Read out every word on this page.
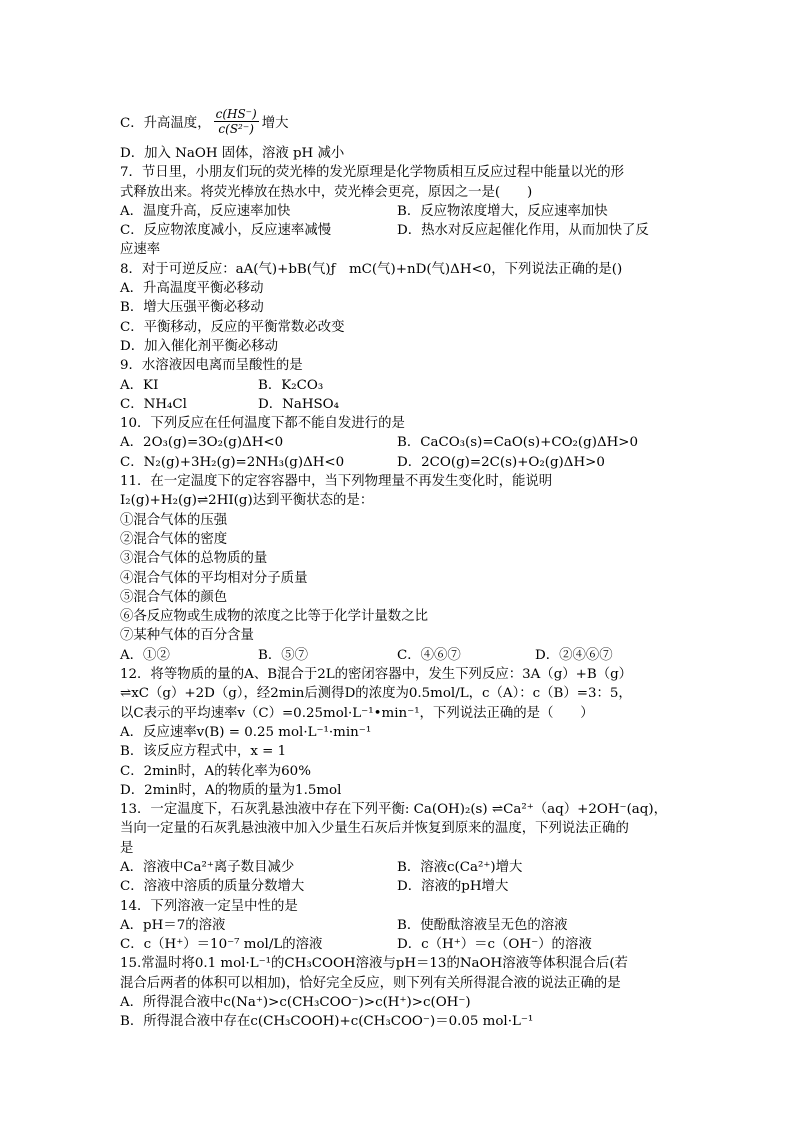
C．升高温度， $\frac{c(HS^-)}{\text{c(S²⁻)}}$ 增大
D．加入 NaOH 固体，溶液 pH 减小
7．节日里，小朋友们玩的荧光棒的发光原理是化学物质相互反应过程中能量以光的形
式释放出来。将荧光棒放在热水中，荧光棒会更亮，原因之一是(　　)
A．温度升高，反应速率加快	B．反应物浓度增大，反应速率加快
C．反应物浓度减小，反应速率减慢	D．热水对反应起催化作用，从而加快了反
应速率
8．对于可逆反应：aA(气)+bB(气)ƒ　mC(气)+nD(气)ΔH<0，下列说法正确的是()
A．升高温度平衡必移动
B．增大压强平衡必移动
C．平衡移动，反应的平衡常数必改变
D．加入催化剂平衡必移动
9．水溶液因电离而呈酸性的是
A．KI	B．K₂CO₃
C．NH₄Cl	D．NaHSO₄
10．下列反应在任何温度下都不能自发进行的是
A．2O₃(g)=3O₂(g)ΔH<0	B．CaCO₃(s)=CaO(s)+CO₂(g)ΔH>0
C．N₂(g)+3H₂(g)=2NH₃(g)ΔH<0	D．2CO(g)=2C(s)+O₂(g)ΔH>0
11．在一定温度下的定容容器中，当下列物理量不再发生变化时，能说明
I₂(g)+H₂(g)⇌2HI(g)达到平衡状态的是：
①混合气体的压强
②混合气体的密度
③混合气体的总物质的量
④混合气体的平均相对分子质量
⑤混合气体的颜色
⑥各反应物或生成物的浓度之比等于化学计量数之比
⑦某种气体的百分含量
A．①②	B．⑤⑦	C．④⑥⑦	D．②④⑥⑦
12．将等物质的量的A、B混合于2L的密闭容器中，发生下列反应：3A（g）+B（g）
⇌xC（g）+2D（g），经2min后测得D的浓度为0.5mol/L，c（A）：c（B）=3：5，
以C表示的平均速率v（C）=0.25mol·L⁻¹•min⁻¹，下列说法正确的是（　　）
A．反应速率v(B) = 0.25 mol·L⁻¹·min⁻¹
B．该反应方程式中，x = 1
C．2min时，A的转化率为60%
D．2min时，A的物质的量为1.5mol
13．一定温度下，石灰乳悬浊液中存在下列平衡: Ca(OH)₂(s) ⇌Ca²⁺（aq）+2OH⁻(aq)，
当向一定量的石灰乳悬浊液中加入少量生石灰后并恢复到原来的温度，下列说法正确的
是
A．溶液中Ca²⁺离子数目减少	B．溶液c(Ca²⁺)增大
C．溶液中溶质的质量分数增大	D．溶液的pH增大
14．下列溶液一定呈中性的是
A．pH＝7的溶液	B．使酚酞溶液呈无色的溶液
C．c（H⁺）＝10⁻⁷ mol/L的溶液	D．c（H⁺）＝c（OH⁻）的溶液
15.常温时将0.1 mol·L⁻¹的CH₃COOH溶液与pH＝13的NaOH溶液等体积混合后(若
混合后两者的体积可以相加)，恰好完全反应，则下列有关所得混合液的说法正确的是
A．所得混合液中c(Na⁺)>c(CH₃COO⁻)>c(H⁺)>c(OH⁻)
B．所得混合液中存在c(CH₃COOH)+c(CH₃COO⁻)＝0.05 mol·L⁻¹
